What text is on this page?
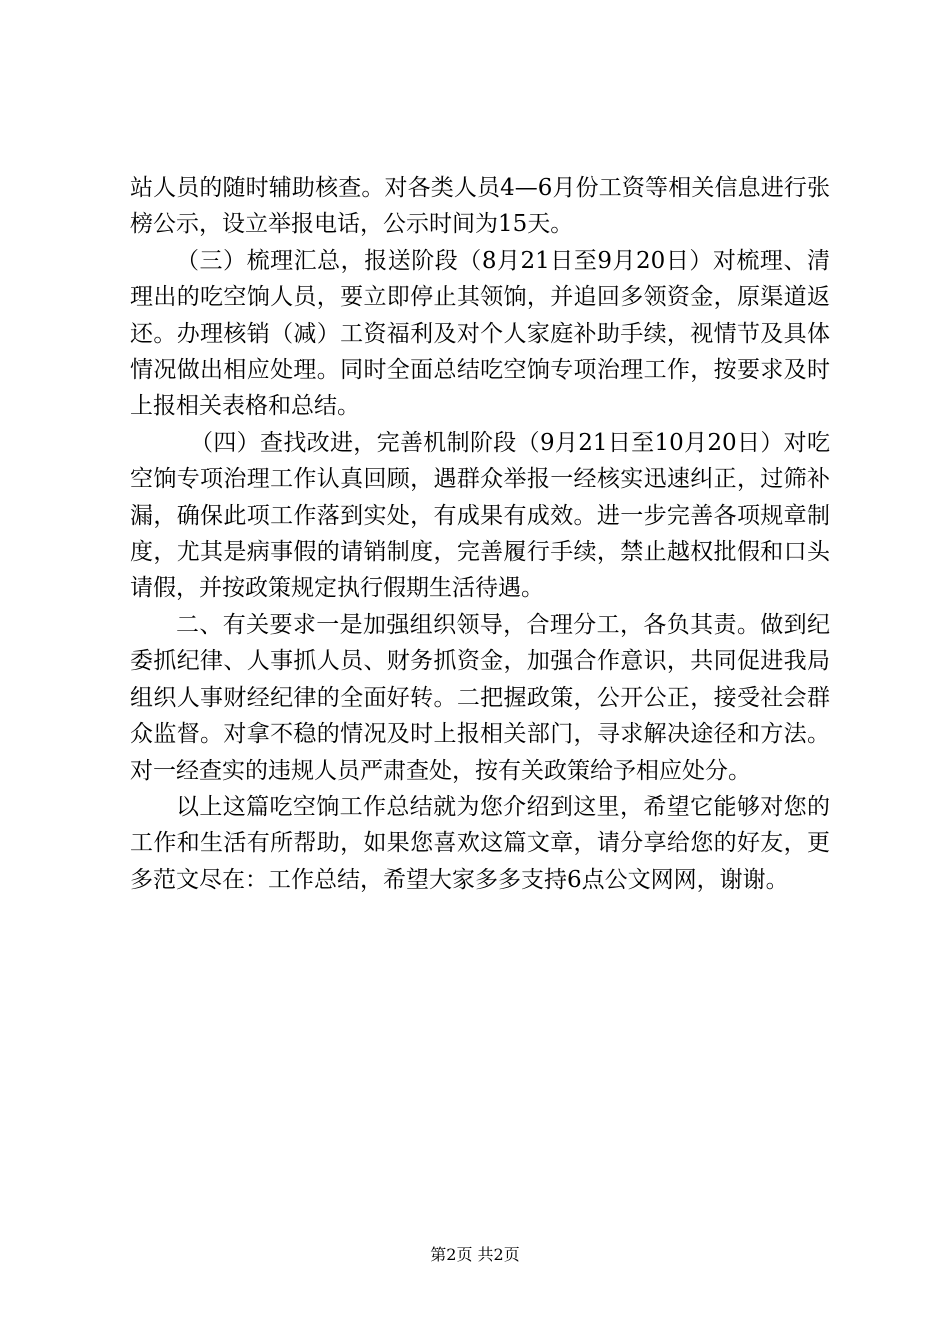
站人员的随时辅助核查。对各类人员4—6月份工资等相关信息进行张榜公示，设立举报电话，公示时间为15天。

（三）梳理汇总，报送阶段（8月21日至9月20日）对梳理、清理出的吃空饷人员，要立即停止其领饷，并追回多领资金，原渠道返还。办理核销（减）工资福利及对个人家庭补助手续，视情节及具体情况做出相应处理。同时全面总结吃空饷专项治理工作，按要求及时上报相关表格和总结。

（四）查找改进，完善机制阶段（9月21日至10月20日）对吃空饷专项治理工作认真回顾，遇群众举报一经核实迅速纠正，过筛补漏，确保此项工作落到实处，有成果有成效。进一步完善各项规章制度，尤其是病事假的请销制度，完善履行手续，禁止越权批假和口头请假，并按政策规定执行假期生活待遇。

二、有关要求一是加强组织领导，合理分工，各负其责。做到纪委抓纪律、人事抓人员、财务抓资金，加强合作意识，共同促进我局组织人事财经纪律的全面好转。二把握政策，公开公正，接受社会群众监督。对拿不稳的情况及时上报相关部门，寻求解决途径和方法。对一经查实的违规人员严肃查处，按有关政策给予相应处分。

以上这篇吃空饷工作总结就为您介绍到这里，希望它能够对您的工作和生活有所帮助，如果您喜欢这篇文章，请分享给您的好友，更多范文尽在：工作总结，希望大家多多支持6点公文网网，谢谢。

第2页 共2页
